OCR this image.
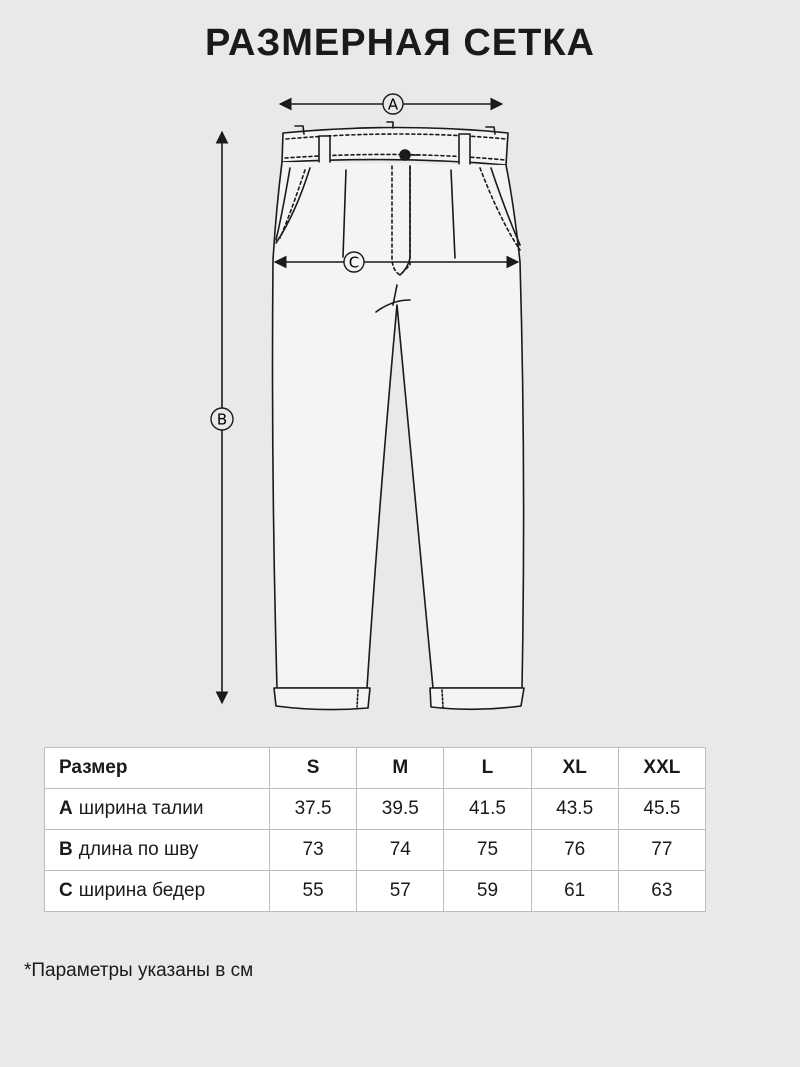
РАЗМЕРНАЯ СЕТКА
A
C
B
Размер	S	M	L	XL	XXL
A ширина талии	37.5	39.5	41.5	43.5	45.5
B длина по шву	73	74	75	76	77
C ширина бедер	55	57	59	61	63
*Параметры указаны в см
